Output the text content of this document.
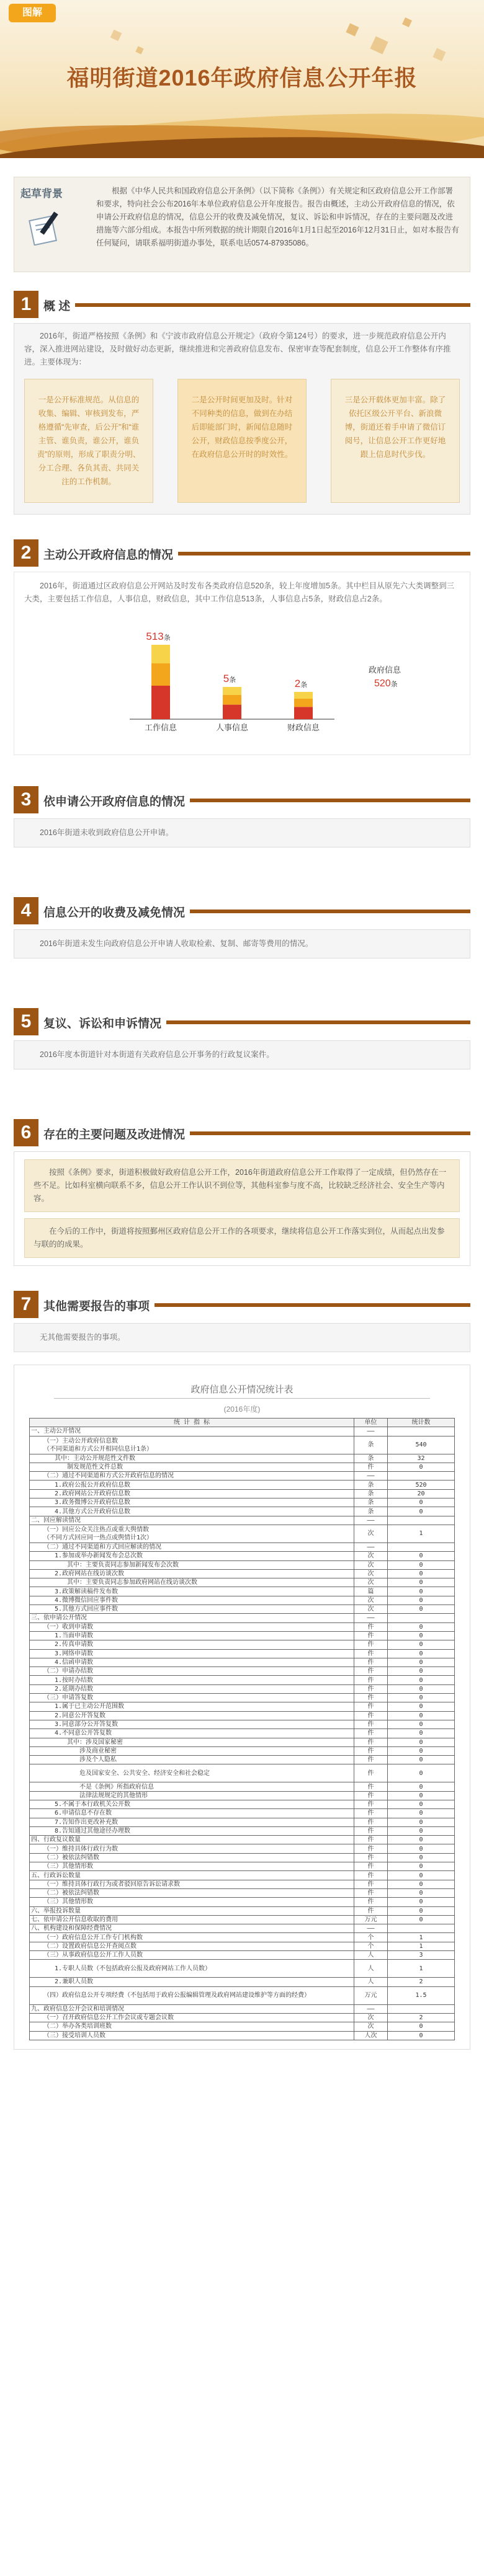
图解
福明街道2016年政府信息公开年报
起草背景	根据《中华人民共和国政府信息公开条例》（以下简称《条例》）有关规定和区政府信息公开工作部署和要求，特向社会公布2016年本单位政府信息公开年度报告。报告由概述，主动公开政府信息的情况，依申请公开政府信息的情况，信息公开的收费及减免情况，复议、诉讼和申诉情况，存在的主要问题及改进措施等六部分组成。本报告中所列数据的统计期限自2016年1月1日起至2016年12月31日止，如对本报告有任何疑问，请联系福明街道办事处，联系电话0574-87935086。
1	概 述

2016年，街道严格按照《条例》和《宁波市政府信息公开规定》（政府令第124号）的要求，进一步规范政府信息公开内容，深入推进网站建设，及时做好动态更新，继续推进和完善政府信息发布、保密审查等配套制度，信息公开工作整体有序推进。主要体现为：

一是公开标准规范。从信息的收集、编辑、审核到发布，严格遵循“先审查，后公开”和“谁主管、谁负责，谁公开，谁负责”的原则，形成了职责分明、分工合理、各负其责、共同关注的工作机制。
二是公开时间更加及时。针对不同种类的信息，做到在办结后即能部门时，新闻信息随时公开，财政信息按季度公开，在政府信息公开时的时效性。
三是公开载体更加丰富。除了依托区级公开平台、新浪微博，街道还着手申请了微信订阅号，让信息公开工作更好地跟上信息时代步伐。
2	主动公开政府信息的情况

2016年，街道通过区政府信息公开网站及时发布各类政府信息520条，较上年度增加5条。其中栏目从原先六大类调整到三大类，主要包括工作信息，人事信息，财政信息，其中工作信息513条，人事信息占5条，财政信息占2条。

513条
工作信息
5条
人事信息
2条
财政信息
政府信息
520条
3	依申请公开政府信息的情况

2016年街道未收到政府信息公开申请。

4	信息公开的收费及减免情况

2016年街道未发生向政府信息公开申请人收取检索、复制、邮寄等费用的情况。

5	复议、诉讼和申诉情况

2016年度本街道针对本街道有关政府信息公开事务的行政复议案件。

6	存在的主要问题及改进情况
按照《条例》要求，街道积极做好政府信息公开工作，2016年街道政府信息公开工作取得了一定成绩，但仍然存在一些不足。比如科室横向联系不多，信息公开工作认识不到位等，其他科室参与度不高，比较缺乏经济社会、安全生产等内容。
在今后的工作中，街道将按照鄞州区政府信息公开工作的各项要求，继续将信息公开工作落实到位，从而起点出发参与联的的成果。
7	其他需要报告的事项

无其他需要报告的事项。

政府信息公开情况统计表
(2016年度)
统 计 指 标	单位	统计数
一、主动公开情况	——	
（一）主动公开政府信息数
（不同渠道和方式公开相同信息计1条）	条	540
其中：主动公开规范性文件数	条	32
制发规范性文件总数	件	0
（二）通过不同渠道和方式公开政府信息的情况	——	
1.政府公报公开政府信息数	条	520
2.政府网站公开政府信息数	条	20
3.政务微博公开政府信息数	条	0
4.其他方式公开政府信息数	条	0
二、回应解读情况	——	
（一）回应公众关注热点或重大舆情数
（不同方式回应同一热点或舆情计1次）	次	1
（二）通过不同渠道和方式回应解读的情况	——	
1.参加或举办新闻发布会总次数	次	0
其中：主要负责同志参加新闻发布会次数	次	0
2.政府网站在线访谈次数	次	0
其中：主要负责同志参加政府网站在线访谈次数	次	0
3.政策解读稿件发布数	篇	0
4.微博微信回应事件数	次	0
5.其他方式回应事件数	次	0
三、依申请公开情况	——	
（一）收到申请数	件	0
1.当面申请数	件	0
2.传真申请数	件	0
3.网络申请数	件	0
4.信函申请数	件	0
（二）申请办结数	件	0
1.按时办结数	件	0
2.延期办结数	件	0
（三）申请答复数	件	0
1.属于已主动公开范围数	件	0
2.同意公开答复数	件	0
3.同意部分公开答复数	件	0
4.不同意公开答复数	件	0
其中：涉及国家秘密	件	0
涉及商业秘密	件	0
涉及个人隐私	件	0
危及国家安全、公共安全、经济安全和社会稳定	件	0
不是《条例》所指政府信息	件	0
法律法规规定的其他情形	件	0
5.不属于本行政机关公开数	件	0
6.申请信息不存在数	件	0
7.告知作出更改补充数	件	0
8.告知通过其他途径办理数	件	0
四、行政复议数量	件	0
（一）维持具体行政行为数	件	0
（二）被依法纠错数	件	0
（三）其他情形数	件	0
五、行政诉讼数量	件	0
（一）维持具体行政行为或者驳回原告诉讼请求数	件	0
（二）被依法纠错数	件	0
（三）其他情形数	件	0
六、举报投诉数量	件	0
七、依申请公开信息收取的费用	万元	0
八、机构建设和保障经费情况	——	
（一）政府信息公开工作专门机构数	个	1
（二）设置政府信息公开查阅点数	个	1
（三）从事政府信息公开工作人员数	人	3
1.专职人员数（不包括政府公报及政府网站工作人员数）	人	1
2.兼职人员数	人	2
（四）政府信息公开专项经费（不包括用于政府公报编辑管理及政府网站建设维护等方面的经费）	万元	1.5
九、政府信息公开会议和培训情况	——	
（一）召开政府信息公开工作会议或专题会议数	次	2
（二）举办各类培训班数	次	0
（三）接受培训人员数	人次	0
